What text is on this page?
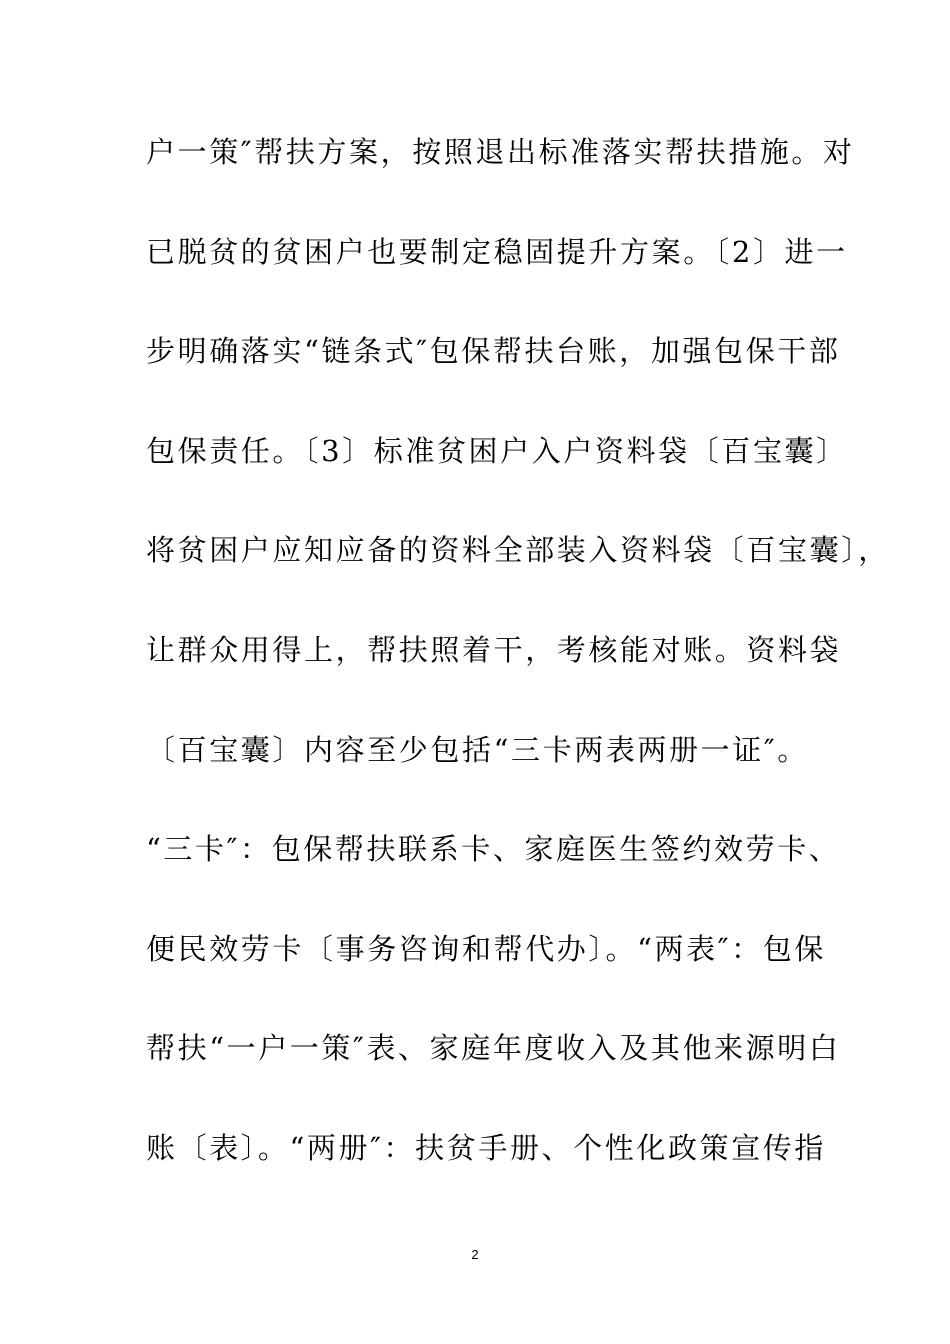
户一策″帮扶方案，按照退出标准落实帮扶措施。对
已脱贫的贫困户也要制定稳固提升方案。〔2〕进一
步明确落实“链条式″包保帮扶台账，加强包保干部
包保责任。〔3〕标准贫困户入户资料袋〔百宝囊〕
将贫困户应知应备的资料全部装入资料袋〔百宝囊〕，
让群众用得上，帮扶照着干，考核能对账。资料袋
〔百宝囊〕内容至少包括“三卡两表两册一证″。
“三卡″：包保帮扶联系卡、家庭医生签约效劳卡、
便民效劳卡〔事务咨询和帮代办〕。“两表″：包保
帮扶“一户一策″表、家庭年度收入及其他来源明白
账〔表〕。“两册″：扶贫手册、个性化政策宣传指
2
